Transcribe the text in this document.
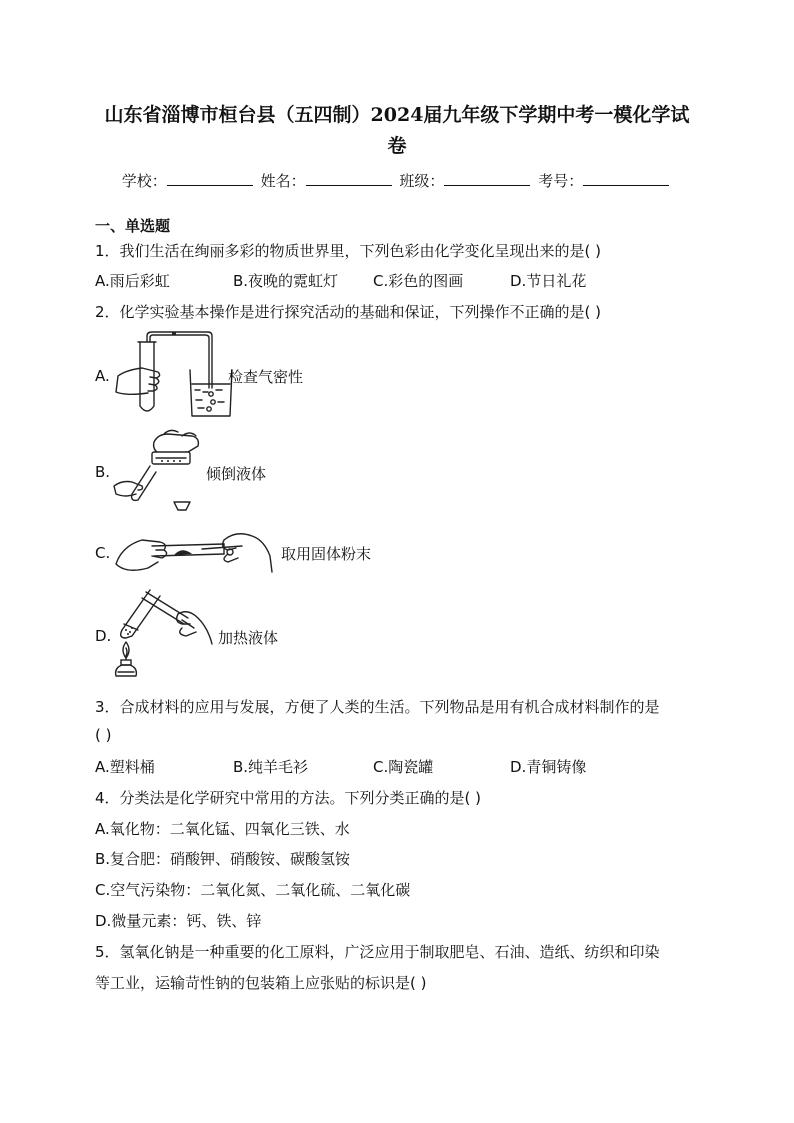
山东省淄博市桓台县（五四制）2024届九年级下学期中考一模化学试
卷
学校：	姓名：	班级：	考号：
一、单选题
1．我们生活在绚丽多彩的物质世界里，下列色彩由化学变化呈现出来的是( )
A.雨后彩虹	B.夜晚的霓虹灯 C.彩色的图画	D.节日礼花
2．化学实验基本操作是进行探究活动的基础和保证，下列操作不正确的是( )
A.	检查气密性
B.	倾倒液体
C.	取用固体粉末
D.	加热液体
3．合成材料的应用与发展，方便了人类的生活。下列物品是用有机合成材料制作的是
( )
A.塑料桶	B.纯羊毛衫	C.陶瓷罐	D.青铜铸像
4．分类法是化学研究中常用的方法。下列分类正确的是( )
A.氧化物：二氧化锰、四氧化三铁、水
B.复合肥：硝酸钾、硝酸铵、碳酸氢铵
C.空气污染物：二氧化氮、二氧化硫、二氧化碳
D.微量元素：钙、铁、锌
5．氢氧化钠是一种重要的化工原料，广泛应用于制取肥皂、石油、造纸、纺织和印染
等工业，运输苛性钠的包装箱上应张贴的标识是( )
